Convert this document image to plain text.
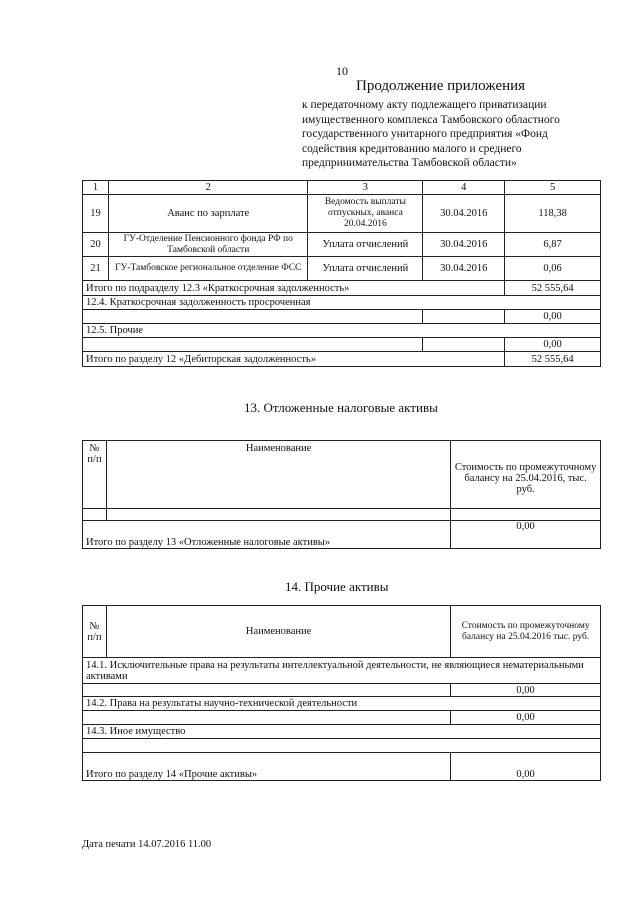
10
Продолжение приложения
к передаточному акту подлежащего приватизации
имущественного комплекса Тамбовского областного
государственного унитарного предприятия «Фонд
содействия кредитованию малого и среднего
предпринимательства Тамбовской области»
1	2	3	4	5
19	Аванс по зарплате	Ведомость выплаты отпускных, аванса 20.04.2016	30.04.2016	118,38
20	ГУ-Отделение Пенсионного фонда РФ по Тамбовской области	Уплата отчислений	30.04.2016	6,87
21	ГУ-Тамбовское региональное отделение ФСС	Уплата отчислений	30.04.2016	0,06
Итого по подразделу 12.3 «Краткосрочная задолженность»				52 555,64
12.4. Краткосрочная задолженность просроченная				
				0,00
12.5. Прочие				
				0,00
Итого по разделу 12 «Дебиторская задолженность»				52 555,64
13. Отложенные налоговые активы
№ п/п	Наименование	Стоимость по промежуточному балансу на 25.04.2016, тыс. руб.

Итого по разделу 13 «Отложенные налоговые активы»		0,00
14. Прочие активы
№ п/п	Наименование	Стоимость по промежуточному балансу на 25.04.2016 тыс. руб.
14.1. Исключительные права на результаты интеллектуальной деятельности, не являющиеся нематериальными активами		
		0,00
14.2. Права на результаты научно-технической деятельности		
		0,00
14.3. Иное имущество		

Итого по разделу 14 «Прочие активы»		0,00
Дата печати 14.07.2016 11.00
